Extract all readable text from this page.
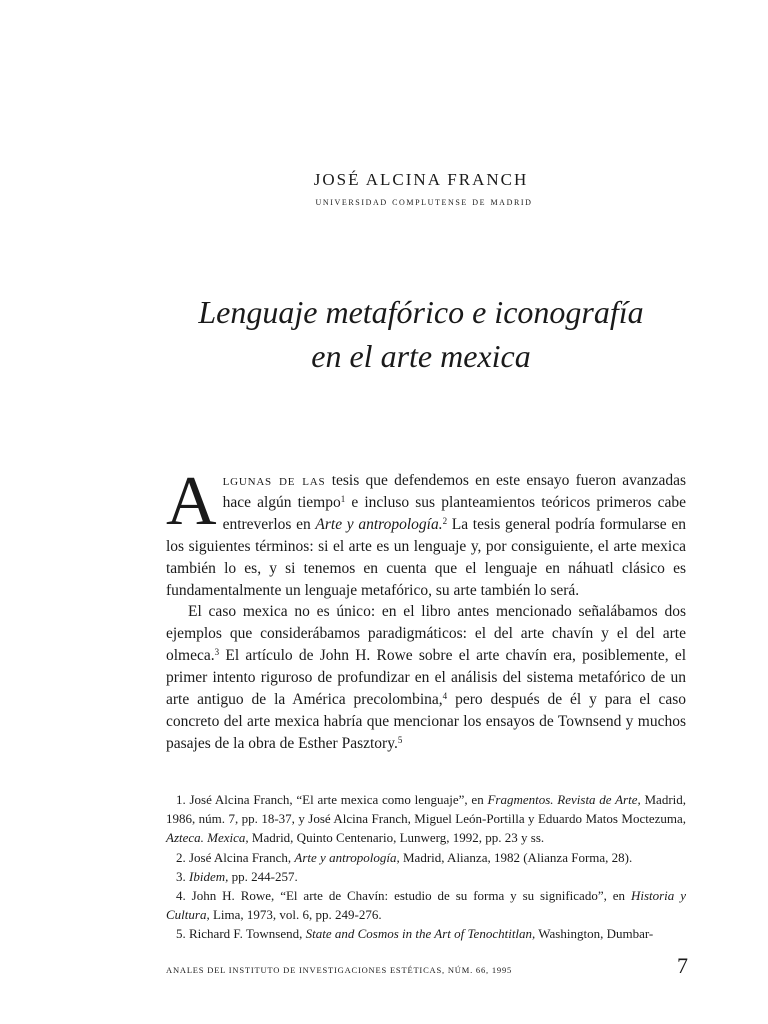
JOSÉ ALCINA FRANCH
universidad complutense de madrid
Lenguaje metafórico e iconografía
en el arte mexica

Algunas de las tesis que defendemos en este ensayo fueron avanzadas hace algún tiempo$^1$ e incluso sus planteamientos teóricos primeros cabe entreverlos en Arte y antropología.$^2$ La tesis general podría formularse en los siguientes términos: si el arte es un lenguaje y, por consiguiente, el arte mexica también lo es, y si tenemos en cuenta que el lenguaje en náhuatl clásico es fundamentalmente un lenguaje metafórico, su arte también lo será.

El caso mexica no es único: en el libro antes mencionado señalábamos dos ejemplos que considerábamos paradigmáticos: el del arte chavín y el del arte olmeca.$^3$ El artículo de John H. Rowe sobre el arte chavín era, posiblemente, el primer intento riguroso de profundizar en el análisis del sistema metafórico de un arte antiguo de la América precolombina,$^4$ pero después de él y para el caso concreto del arte mexica habría que mencionar los ensayos de Townsend y muchos pasajes de la obra de Esther Pasztory.$^5$

1. José Alcina Franch, “El arte mexica como lenguaje”, en Fragmentos. Revista de Arte, Madrid, 1986, núm. 7, pp. 18-37, y José Alcina Franch, Miguel León-Portilla y Eduardo Matos Moctezuma, Azteca. Mexica, Madrid, Quinto Centenario, Lunwerg, 1992, pp. 23 y ss.

2. José Alcina Franch, Arte y antropología, Madrid, Alianza, 1982 (Alianza Forma, 28).

3. Ibidem, pp. 244-257.

4. John H. Rowe, “El arte de Chavín: estudio de su forma y su significado”, en Historia y Cultura, Lima, 1973, vol. 6, pp. 249-276.

5. Richard F. Townsend, State and Cosmos in the Art of Tenochtitlan, Washington, Dumbar-

ANALES DEL INSTITUTO DE INVESTIGACIONES ESTÉTICAS, NÚM. 66, 1995	7
